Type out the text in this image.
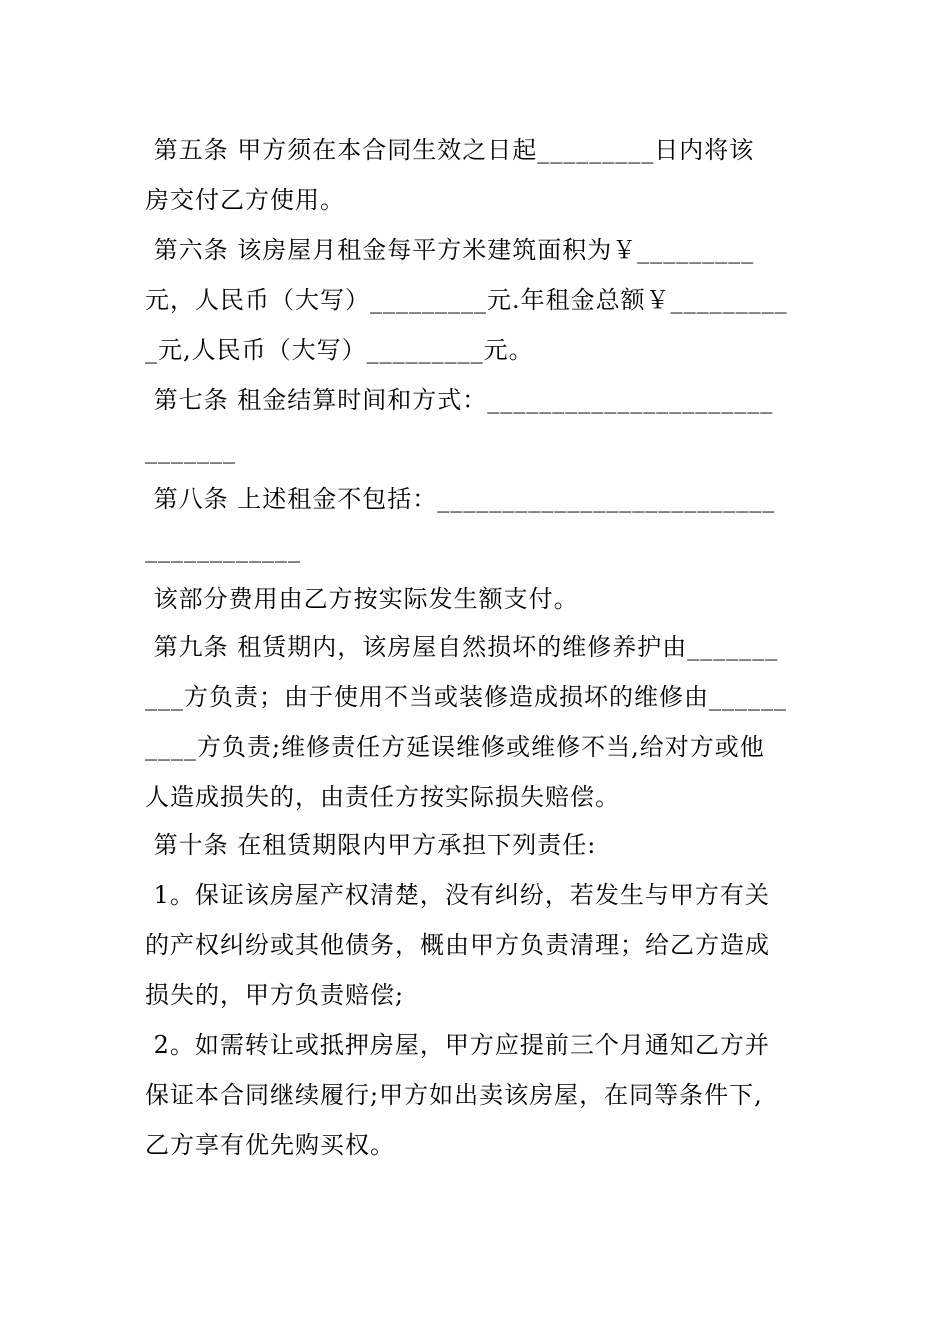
第五条 甲方须在本合同生效之日起_________日内将该

房交付乙方使用。

第六条 该房屋月租金每平方米建筑面积为￥_________

元，人民币（大写）_________元.年租金总额￥_________

_元,人民币（大写）_________元。

第七条 租金结算时间和方式：______________________

_______

第八条 上述租金不包括：__________________________

____________

该部分费用由乙方按实际发生额支付。

第九条 租赁期内，该房屋自然损坏的维修养护由_______

___方负责；由于使用不当或装修造成损坏的维修由______

____方负责;维修责任方延误维修或维修不当,给对方或他

人造成损失的，由责任方按实际损失赔偿。

第十条 在租赁期限内甲方承担下列责任:

1。保证该房屋产权清楚，没有纠纷，若发生与甲方有关

的产权纠纷或其他债务，概由甲方负责清理；给乙方造成

损失的，甲方负责赔偿;

2。如需转让或抵押房屋，甲方应提前三个月通知乙方并

保证本合同继续履行;甲方如出卖该房屋，在同等条件下,

乙方享有优先购买权。
